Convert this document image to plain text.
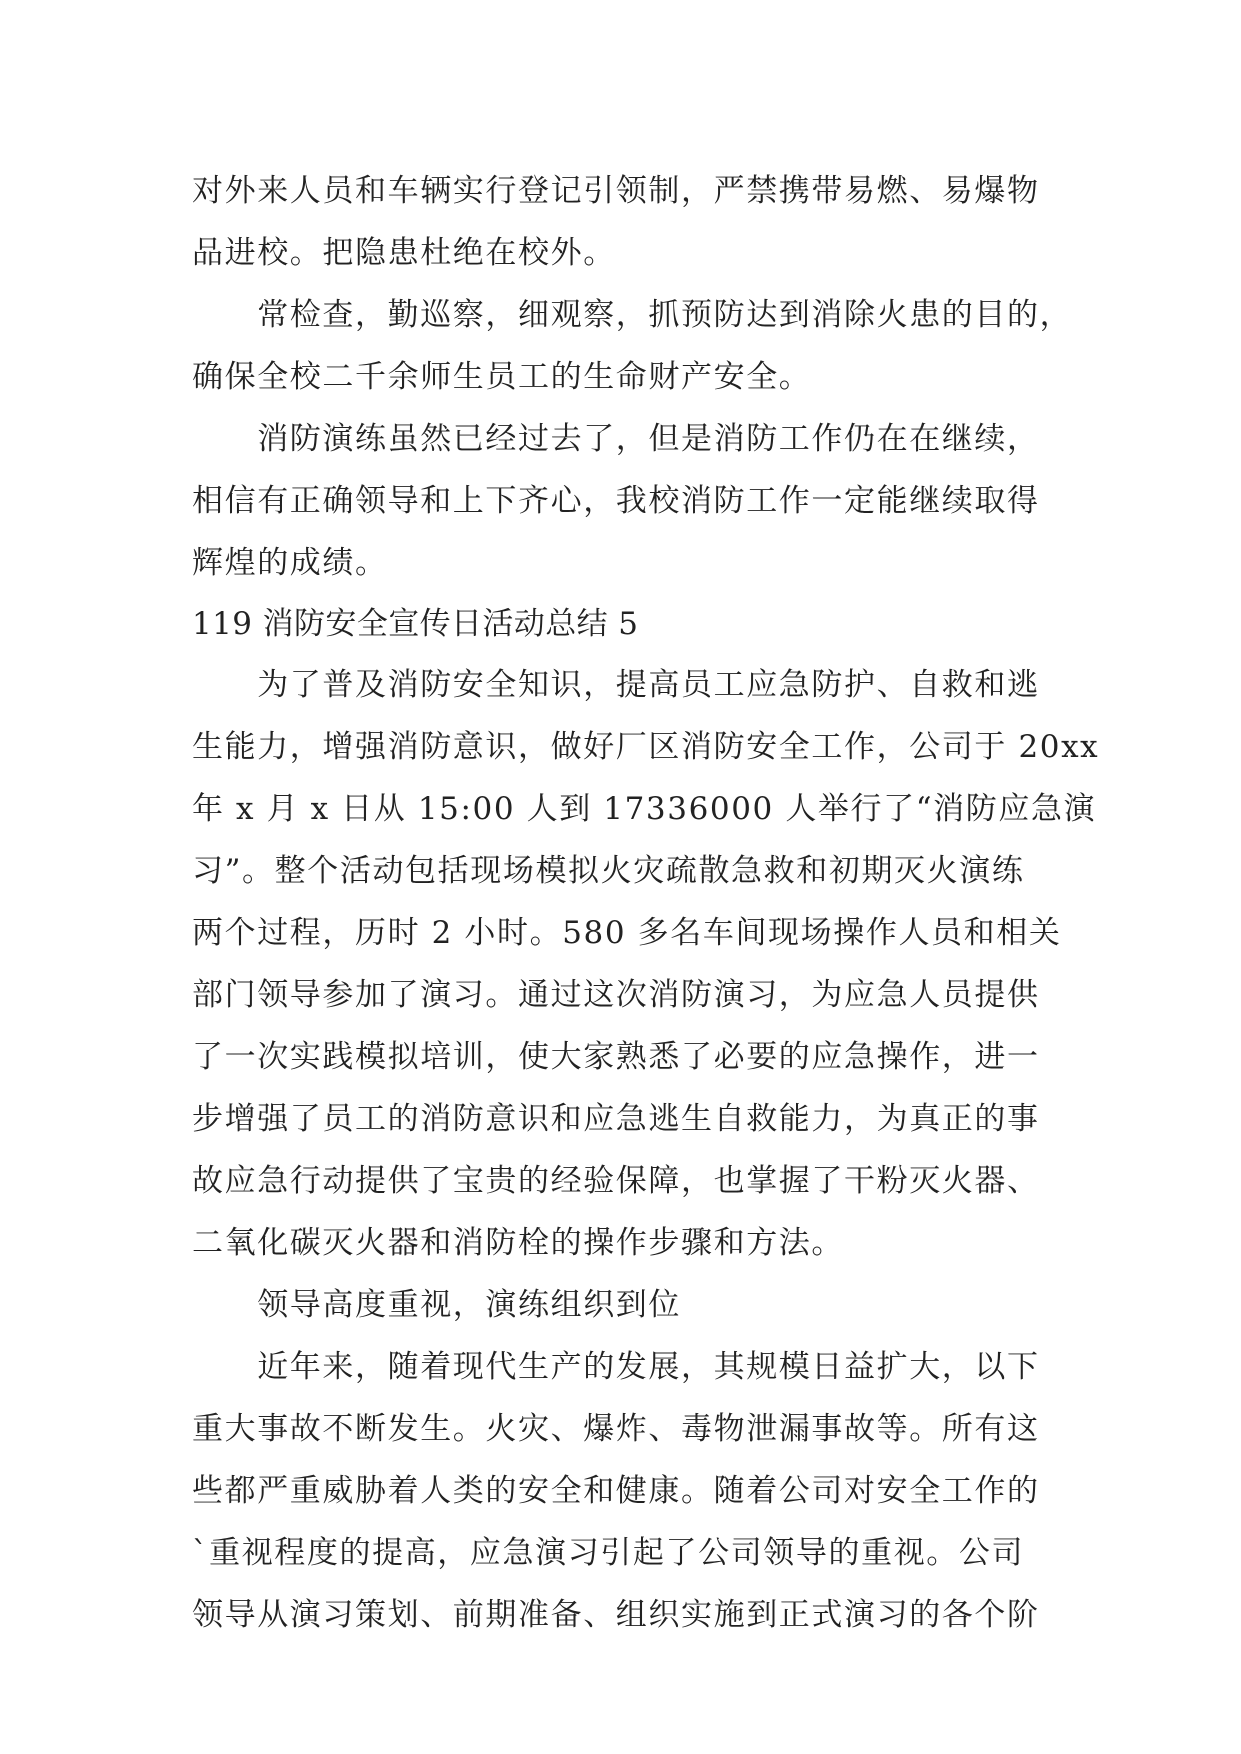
对外来人员和车辆实行登记引领制，严禁携带易燃、易爆物
品进校。把隐患杜绝在校外。
　　常检查，勤巡察，细观察，抓预防达到消除火患的目的，
确保全校二千余师生员工的生命财产安全。
　　消防演练虽然已经过去了，但是消防工作仍在在继续，
相信有正确领导和上下齐心，我校消防工作一定能继续取得
辉煌的成绩。
119 消防安全宣传日活动总结 5
　　为了普及消防安全知识，提高员工应急防护、自救和逃
生能力，增强消防意识，做好厂区消防安全工作，公司于 20xx
年 x 月 x 日从 15:00 人到 17336000 人举行了“消防应急演
习”。整个活动包括现场模拟火灾疏散急救和初期灭火演练
两个过程，历时 2 小时。580 多名车间现场操作人员和相关
部门领导参加了演习。通过这次消防演习，为应急人员提供
了一次实践模拟培训，使大家熟悉了必要的应急操作，进一
步增强了员工的消防意识和应急逃生自救能力，为真正的事
故应急行动提供了宝贵的经验保障，也掌握了干粉灭火器、
二氧化碳灭火器和消防栓的操作步骤和方法。
　　领导高度重视，演练组织到位
　　近年来，随着现代生产的发展，其规模日益扩大，以下
重大事故不断发生。火灾、爆炸、毒物泄漏事故等。所有这
些都严重威胁着人类的安全和健康。随着公司对安全工作的
`重视程度的提高，应急演习引起了公司领导的重视。公司
领导从演习策划、前期准备、组织实施到正式演习的各个阶
